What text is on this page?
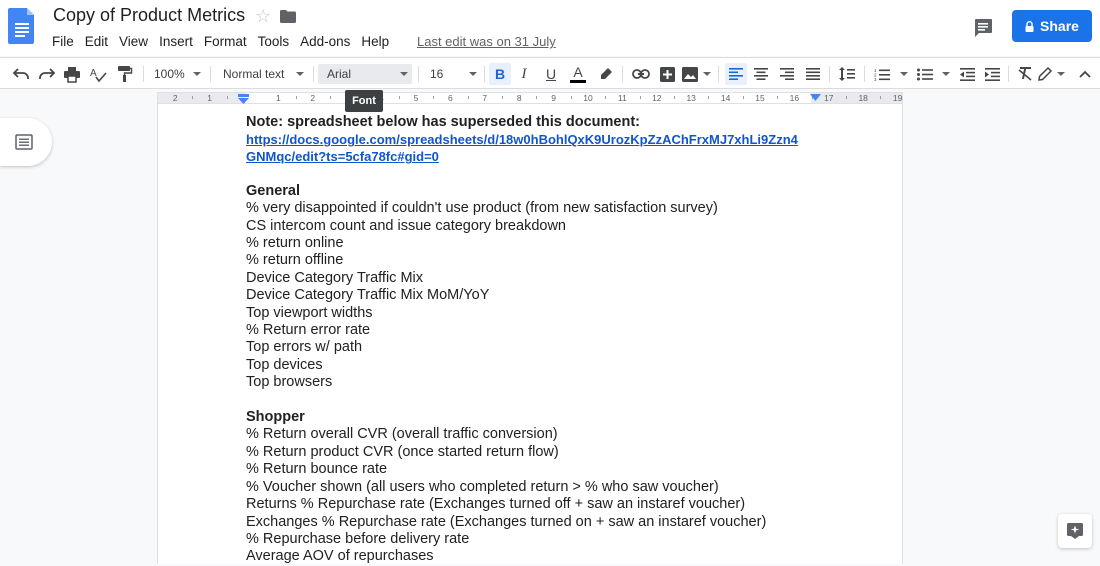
Copy of Product Metrics ☆
File Edit View Insert Format Tools Add-ons Help Last edit was on 31 July
Share
A	100%	Normal text	Arial	16	B	I	U	A	1
2
3
2	1	1	2	5	6	7	8	9	10	11	12	13	14	15	16	17	18	19
Font
Note: spreadsheet below has superseded this document:
https://docs.google.com/spreadsheets/d/18w0hBohlQxK9UrozKpZzAChFrxMJ7xhLi9Zzn4
GNMqc/edit?ts=5cfa78fc#gid=0
General
% very disappointed if couldn't use product (from new satisfaction survey)
CS intercom count and issue category breakdown
% return online
% return offline
Device Category Traffic Mix
Device Category Traffic Mix MoM/YoY
Top viewport widths
% Return error rate
Top errors w/ path
Top devices
Top browsers
Shopper
% Return overall CVR (overall traffic conversion)
% Return product CVR (once started return flow)
% Return bounce rate
% Voucher shown (all users who completed return > % who saw voucher)
Returns % Repurchase rate (Exchanges turned off + saw an instaref voucher)
Exchanges % Repurchase rate (Exchanges turned on + saw an instaref voucher)
% Repurchase before delivery rate
Average AOV of repurchases
